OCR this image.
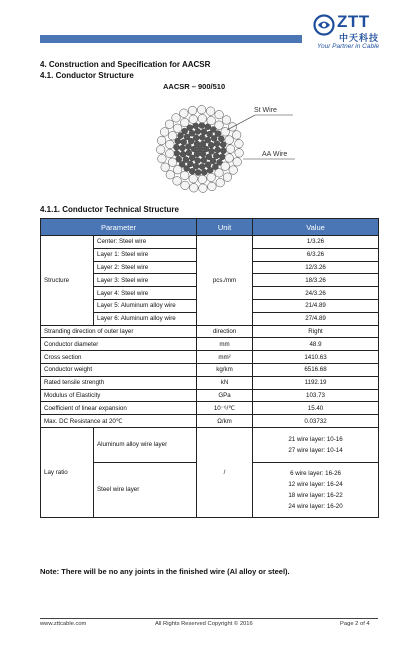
ZTT
中天科技
Your Partner in Cable
4. Construction and Specification for AACSR
4.1. Conductor Structure
AACSR – 900/510
St Wire
AA Wire
4.1.1. Conductor Technical Structure
Parameter		Unit	Value
Structure	Center: Steel wire	pcs./mm	1/3.26
	Layer 1: Steel wire		6/3.26
	Layer 2: Steel wire		12/3.26
	Layer 3: Steel wire		18/3.26
	Layer 4: Steel wire		24/3.26
	Layer 5: Aluminum alloy wire		21/4.89
	Layer 6: Aluminum alloy wire		27/4.89
Stranding direction of outer layer		direction	Right
Conductor diameter		mm	48.9
Cross section		mm²	1410.63
Conductor weight		kg/km	6516.68
Rated tensile strength		kN	1192.19
Modulus of Elasticity		GPa	103.73
Coefficient of linear expansion		10⁻⁶/℃	15.40
Max. DC Resistance at 20℃		Ω/km	0.03732
Lay ratio	Aluminum alloy wire layer	/	21 wire layer: 10-16
27 wire layer: 10-14

	Steel wire layer		6 wire layer: 16-26
12 wire layer: 16-24
18 wire layer: 16-22
24 wire layer: 16-20
Note: There will be no any joints in the finished wire (Al alloy or steel).
www.zttcable.com	All Rights Reserved Copyright © 2016	Page 2 of 4
